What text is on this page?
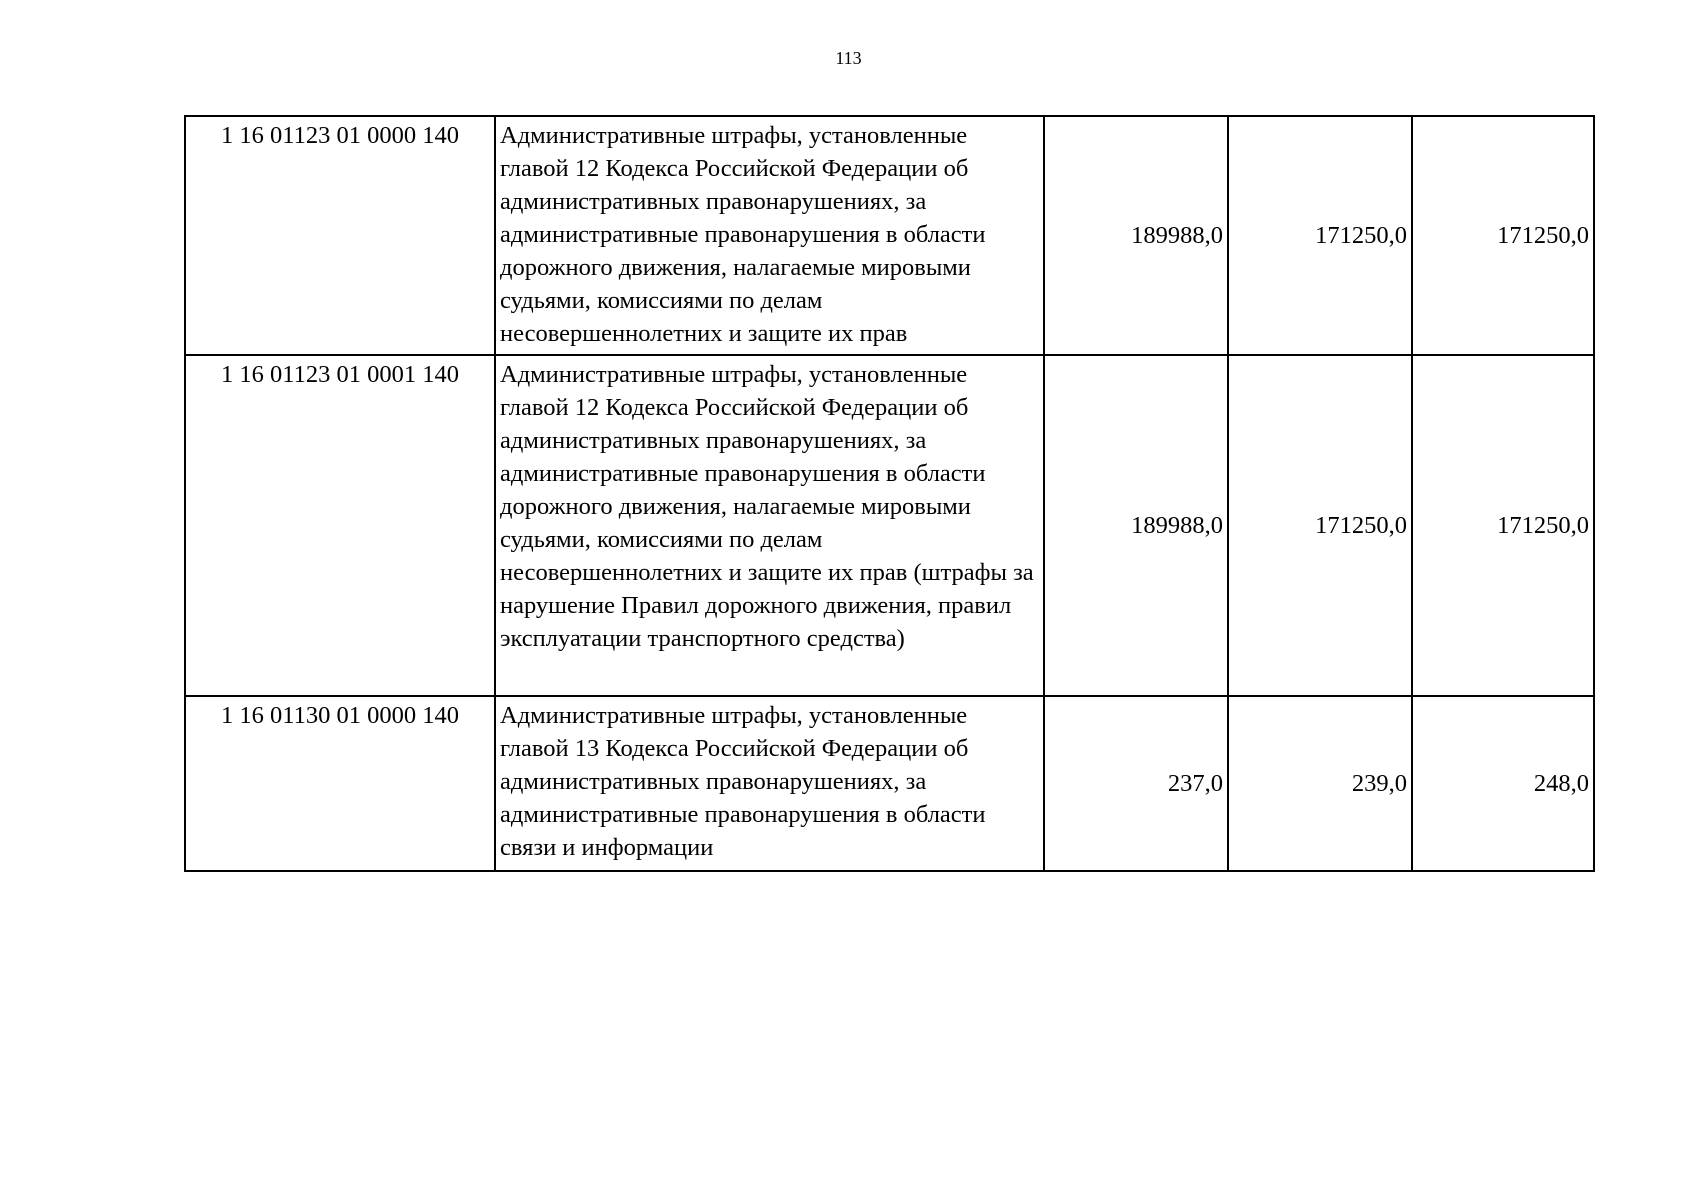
113
1 16 01123 01 0000 140	Административные штрафы, установленные главой 12 Кодекса Российской Федерации об административных правонарушениях, за административные правонарушения в области дорожного движения, налагаемые мировыми судьями, комиссиями по делам несовершеннолетних и защите их прав	189988,0	171250,0	171250,0
1 16 01123 01 0001 140	Административные штрафы, установленные главой 12 Кодекса Российской Федерации об административных правонарушениях, за административные правонарушения в области дорожного движения, налагаемые мировыми судьями, комиссиями по делам несовершеннолетних и защите их прав (штрафы за нарушение Правил дорожного движения, правил эксплуатации транспортного средства)	189988,0	171250,0	171250,0
1 16 01130 01 0000 140	Административные штрафы, установленные главой 13 Кодекса Российской Федерации об административных правонарушениях, за административные правонарушения в области связи и информации	237,0	239,0	248,0
